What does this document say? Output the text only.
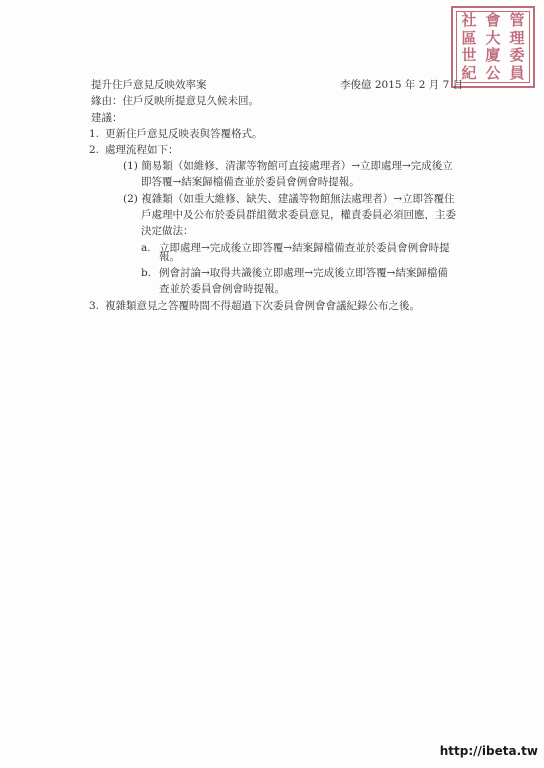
管
理
委
員
會
大
廈
公
社
區
世
紀
提升住戶意見反映效率案	李俊億 2015 年 2 月 7 日
緣由：住戶反映所提意見久候未回。
建議：
1. 更新住戶意見反映表與答覆格式。
2. 處理流程如下：
(1) 簡易類（如維修、清潔等物館可直接處理者）→立即處理→完成後立
即答覆→結案歸檔備查並於委員會例會時提報。
(2) 複雜類（如重大維修、缺失、建議等物館無法處理者）→立即答覆住
戶處理中及公布於委員群組徵求委員意見，權責委員必須回應，主委
決定做法：
a. 立即處理→完成後立即答覆→結案歸檔備查並於委員會例會時提
報。
b. 例會討論→取得共識後立即處理→完成後立即答覆→結案歸檔備
查並於委員會例會時提報。
3. 複雜類意見之答覆時間不得超過下次委員會例會會議紀錄公布之後。
http://ibeta.tw
